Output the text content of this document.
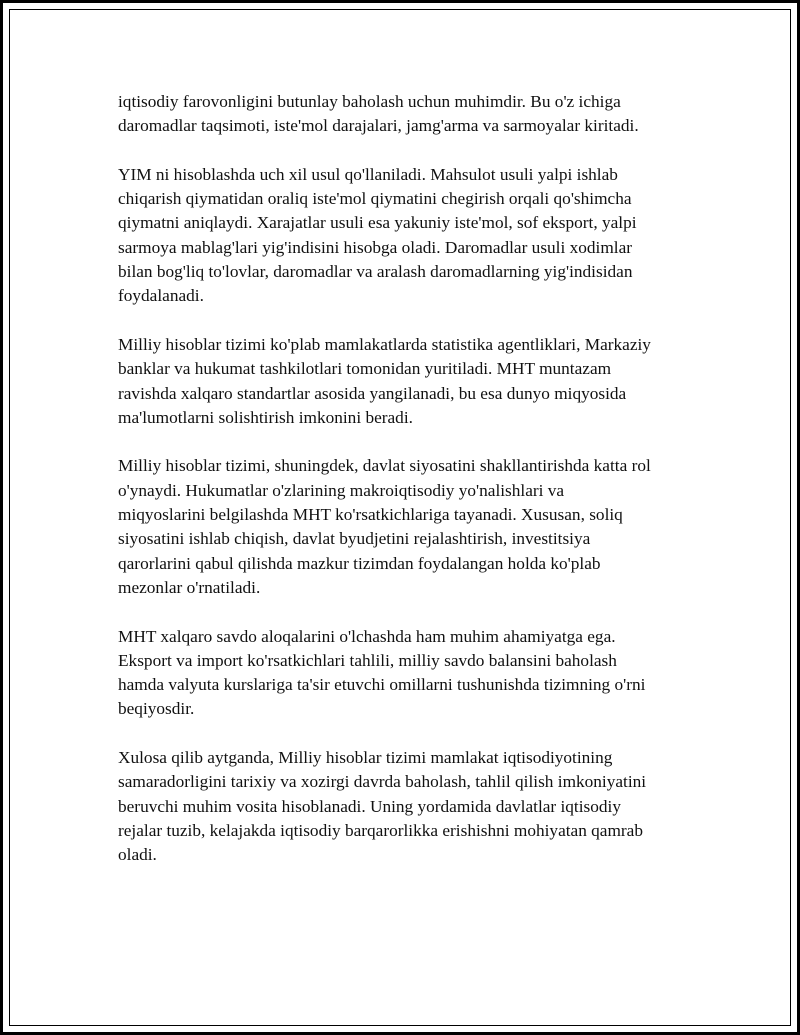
iqtisodiy farovonligini butunlay baholash uchun muhimdir. Bu o'z ichiga
daromadlar taqsimoti, iste'mol darajalari, jamg'arma va sarmoyalar kiritadi.

YIM ni hisoblashda uch xil usul qo'llaniladi. Mahsulot usuli yalpi ishlab
chiqarish qiymatidan oraliq iste'mol qiymatini chegirish orqali qo'shimcha
qiymatni aniqlaydi. Xarajatlar usuli esa yakuniy iste'mol, sof eksport, yalpi
sarmoya mablag'lari yig'indisini hisobga oladi. Daromadlar usuli xodimlar
bilan bog'liq to'lovlar, daromadlar va aralash daromadlarning yig'indisidan
foydalanadi.

Milliy hisoblar tizimi ko'plab mamlakatlarda statistika agentliklari, Markaziy
banklar va hukumat tashkilotlari tomonidan yuritiladi. MHT muntazam
ravishda xalqaro standartlar asosida yangilanadi, bu esa dunyo miqyosida
ma'lumotlarni solishtirish imkonini beradi.

Milliy hisoblar tizimi, shuningdek, davlat siyosatini shakllantirishda katta rol
o'ynaydi. Hukumatlar o'zlarining makroiqtisodiy yo'nalishlari va
miqyoslarini belgilashda MHT ko'rsatkichlariga tayanadi. Xususan, soliq
siyosatini ishlab chiqish, davlat byudjetini rejalashtirish, investitsiya
qarorlarini qabul qilishda mazkur tizimdan foydalangan holda ko'plab
mezonlar o'rnatiladi.

MHT xalqaro savdo aloqalarini o'lchashda ham muhim ahamiyatga ega.
Eksport va import ko'rsatkichlari tahlili, milliy savdo balansini baholash
hamda valyuta kurslariga ta'sir etuvchi omillarni tushunishda tizimning o'rni
beqiyosdir.

Xulosa qilib aytganda, Milliy hisoblar tizimi mamlakat iqtisodiyotining
samaradorligini tarixiy va xozirgi davrda baholash, tahlil qilish imkoniyatini
beruvchi muhim vosita hisoblanadi. Uning yordamida davlatlar iqtisodiy
rejalar tuzib, kelajakda iqtisodiy barqarorlikka erishishni mohiyatan qamrab
oladi.
